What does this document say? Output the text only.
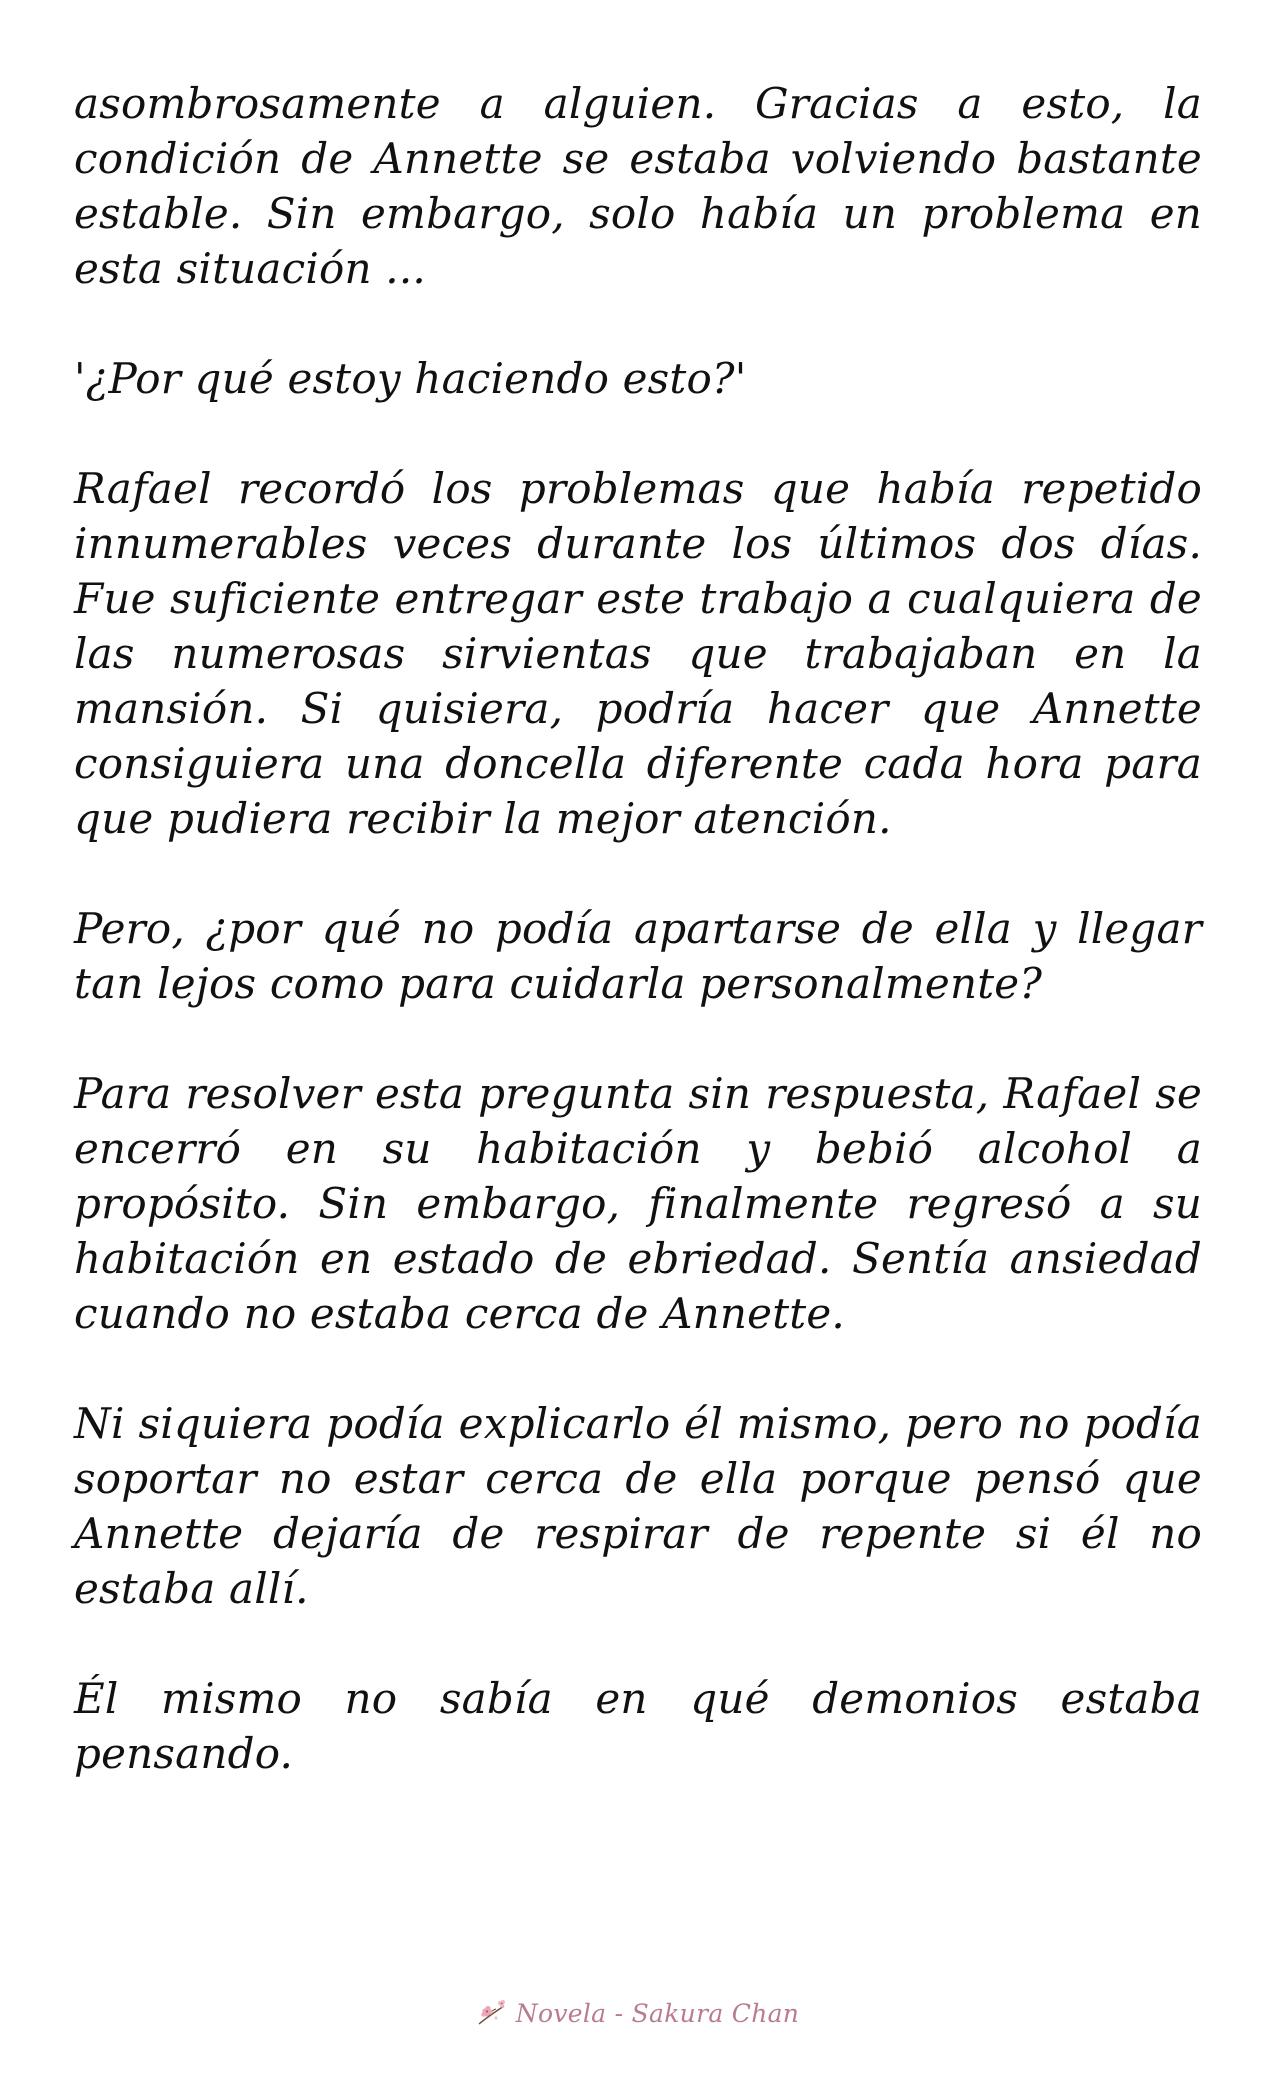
asombrosamente a alguien. Gracias a esto, la condición de Annette se estaba volviendo bastante estable. Sin embargo, solo había un problema en esta situación ...

'¿Por qué estoy haciendo esto?'

Rafael recordó los problemas que había repetido innumerables veces durante los últimos dos días. Fue suficiente entregar este trabajo a cualquiera de las numerosas sirvientas que trabajaban en la mansión. Si quisiera, podría hacer que Annette consiguiera una doncella diferente cada hora para que pudiera recibir la mejor atención.

Pero, ¿por qué no podía apartarse de ella y llegar tan lejos como para cuidarla personalmente?

Para resolver esta pregunta sin respuesta, Rafael se encerró en su habitación y bebió alcohol a propósito. Sin embargo, finalmente regresó a su habitación en estado de ebriedad. Sentía ansiedad cuando no estaba cerca de Annette.

Ni siquiera podía explicarlo él mismo, pero no podía soportar no estar cerca de ella porque pensó que Annette dejaría de respirar de repente si él no estaba allí.

Él mismo no sabía en qué demonios estaba pensando.

Novela - Sakura Chan
